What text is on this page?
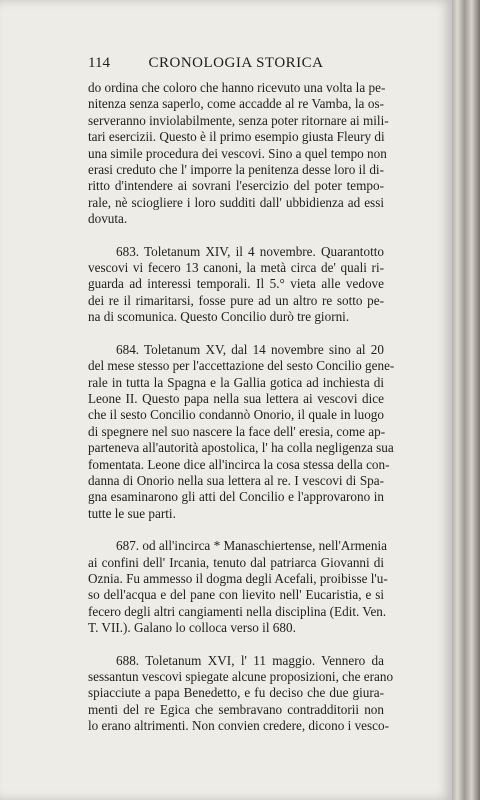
114	CRONOLOGIA STORICA
do ordina che coloro che hanno ricevuto una volta la pe-
nitenza senza saperlo, come accadde al re Vamba, la os-
serveranno inviolabilmente, senza poter ritornare ai mili-
tari esercizii. Questo è il primo esempio giusta Fleury di
una simile procedura dei vescovi. Sino a quel tempo non
erasi creduto che l' imporre la penitenza desse loro il di-
ritto d'intendere ai sovrani l'esercizio del poter tempo-
rale, nè sciogliere i loro sudditi dall' ubbidienza ad essi
dovuta.
683. Toletanum XIV, il 4 novembre. Quarantotto
vescovi vi fecero 13 canoni, la metà circa de' quali ri-
guarda ad interessi temporali. Il 5.° vieta alle vedove
dei re il rimaritarsi, fosse pure ad un altro re sotto pe-
na di scomunica. Questo Concilio durò tre giorni.
684. Toletanum XV, dal 14 novembre sino al 20
del mese stesso per l'accettazione del sesto Concilio gene-
rale in tutta la Spagna e la Gallia gotica ad inchiesta di
Leone II. Questo papa nella sua lettera ai vescovi dice
che il sesto Concilio condannò Onorio, il quale in luogo
di spegnere nel suo nascere la face dell' eresia, come ap-
parteneva all'autorità apostolica, l' ha colla negligenza sua
fomentata. Leone dice all'incirca la cosa stessa della con-
danna di Onorio nella sua lettera al re. I vescovi di Spa-
gna esaminarono gli atti del Concilio e l'approvarono in
tutte le sue parti.
687. od all'incirca * Manaschiertense, nell'Armenia
ai confini dell' Ircania, tenuto dal patriarca Giovanni di
Oznia. Fu ammesso il dogma degli Acefali, proibisse l'u-
so dell'acqua e del pane con lievito nell' Eucaristia, e si
fecero degli altri cangiamenti nella disciplina (Edit. Ven.
T. VII.). Galano lo colloca verso il 680.
688. Toletanum XVI, l' 11 maggio. Vennero da
sessantun vescovi spiegate alcune proposizioni, che erano
spiacciute a papa Benedetto, e fu deciso che due giura-
menti del re Egica che sembravano contradditorii non
lo erano altrimenti. Non convien credere, dicono i vesco-
